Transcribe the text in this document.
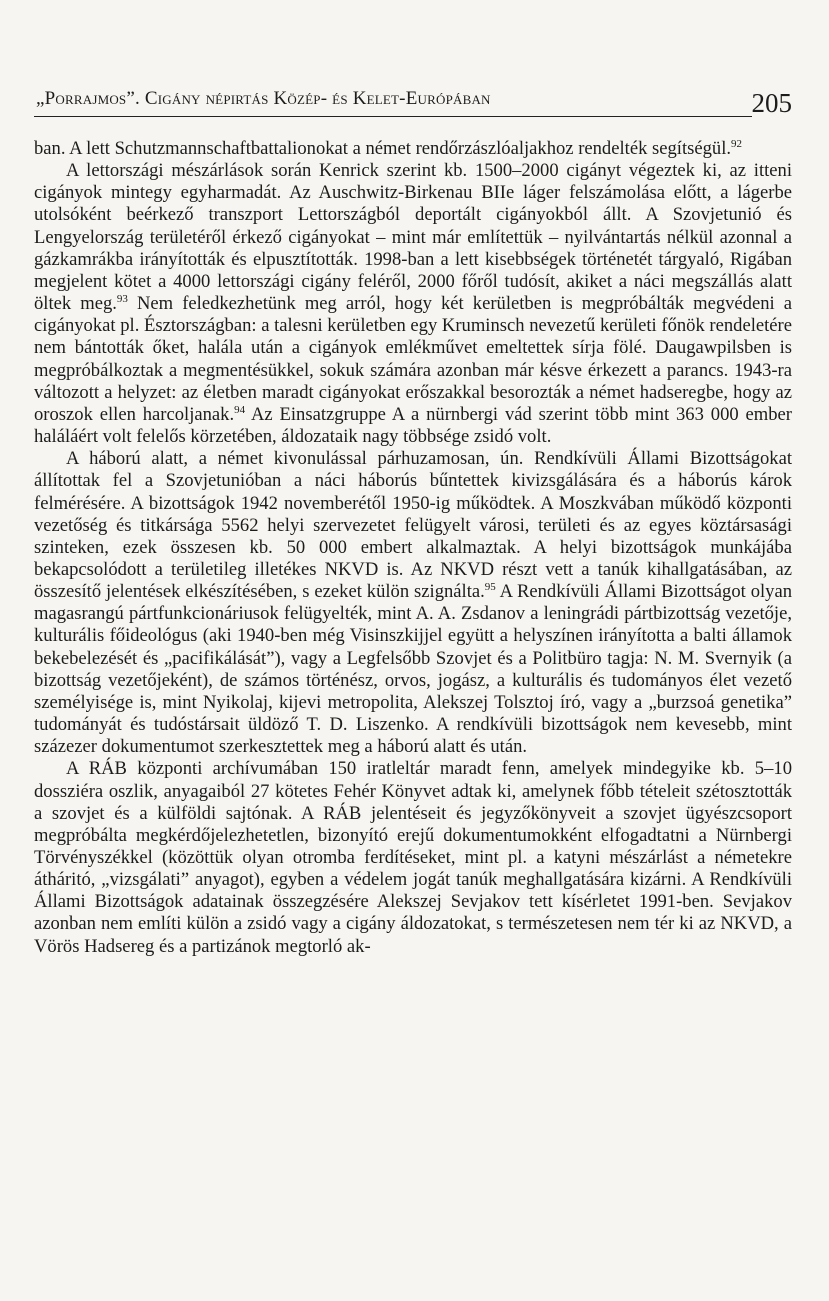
„Porrajmos”. Cigány népirtás Közép- és Kelet-Európában	205

ban. A lett Schutzmannschaftbattalionokat a német rendőrzászlóaljakhoz rendelték segítségül.$^{92}$

A lettországi mészárlások során Kenrick szerint kb. 1500–2000 cigányt végeztek ki, az itteni cigányok mintegy egyharmadát. Az Auschwitz-Birkenau BIIe láger felszámolása előtt, a lágerbe utolsóként beérkező transzport Lettországból deportált cigányokból állt. A Szovjetunió és Lengyelország területéről érkező cigányokat – mint már említettük – nyilvántartás nélkül azonnal a gázkamrákba irányították és elpusztították. 1998-ban a lett kisebbségek történetét tárgyaló, Rigában megjelent kötet a 4000 lettországi cigány feléről, 2000 főről tudósít, akiket a náci megszállás alatt öltek meg.$^{93}$ Nem feledkezhetünk meg arról, hogy két kerületben is megpróbálták megvédeni a cigányokat pl. Észtországban: a talesni kerületben egy Kruminsch nevezetű kerületi főnök rendeletére nem bántották őket, halála után a cigányok emlékművet emeltettek sírja fölé. Daugawpilsben is megpróbálkoztak a megmentésükkel, sokuk számára azonban már késve érkezett a parancs. 1943-ra változott a helyzet: az életben maradt cigányokat erőszakkal besorozták a német hadseregbe, hogy az oroszok ellen harcoljanak.$^{94}$ Az Einsatzgruppe A a nürnbergi vád szerint több mint 363 000 ember haláláért volt felelős körzetében, áldozataik nagy többsége zsidó volt.

A háború alatt, a német kivonulással párhuzamosan, ún. Rendkívüli Állami Bizottságokat állítottak fel a Szovjetunióban a náci háborús bűntettek kivizsgálására és a háborús károk felmérésére. A bizottságok 1942 novemberétől 1950-ig működtek. A Moszkvában működő központi vezetőség és titkársága 5562 helyi szervezetet felügyelt városi, területi és az egyes köztársasági szinteken, ezek összesen kb. 50 000 embert alkalmaztak. A helyi bizottságok munkájába bekapcsolódott a területileg illetékes NKVD is. Az NKVD részt vett a tanúk kihallgatásában, az összesítő jelentések elkészítésében, s ezeket külön szignálta.$^{95}$ A Rendkívüli Állami Bizottságot olyan magasrangú pártfunkcionáriusok felügyelték, mint A. A. Zsdanov a leningrádi pártbizottság vezetője, kulturális főideológus (aki 1940-ben még Visinszkijjel együtt a helyszínen irányította a balti államok bekebelezését és „pacifikálását”), vagy a Legfelsőbb Szovjet és a Politbüro tagja: N. M. Svernyik (a bizottság vezetőjeként), de számos történész, orvos, jogász, a kulturális és tudományos élet vezető személyisége is, mint Nyikolaj, kijevi metropolita, Alekszej Tolsztoj író, vagy a „burzsoá genetika” tudományát és tudóstársait üldöző T. D. Liszenko. A rendkívüli bizottságok nem kevesebb, mint százezer dokumentumot szerkesztettek meg a háború alatt és után.

A RÁB központi archívumában 150 iratleltár maradt fenn, amelyek mindegyike kb. 5–10 dossziéra oszlik, anyagaiból 27 kötetes Fehér Könyvet adtak ki, amelynek főbb tételeit szétosztották a szovjet és a külföldi sajtónak. A RÁB jelentéseit és jegyzőkönyveit a szovjet ügyészcsoport megpróbálta megkérdőjelezhetetlen, bizonyító erejű dokumentumokként elfogadtatni a Nürnbergi Törvényszékkel (közöttük olyan otromba ferdítéseket, mint pl. a katyni mészárlást a németekre átháritó, „vizsgálati” anyagot), egyben a védelem jogát tanúk meghallgatására kizárni. A Rendkívüli Állami Bizottságok adatainak összegzésére Alekszej Sevjakov tett kísérletet 1991-ben. Sevjakov azonban nem említi külön a zsidó vagy a cigány áldozatokat, s természetesen nem tér ki az NKVD, a Vörös Hadsereg és a partizánok megtorló ak-
